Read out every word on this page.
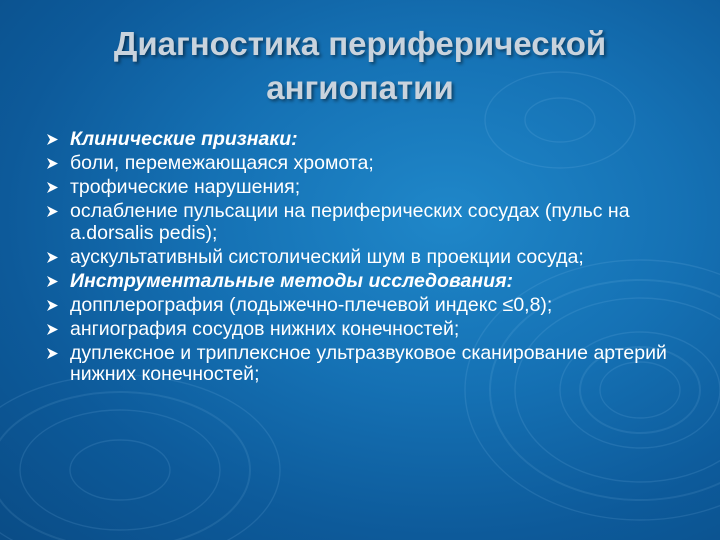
Диагностика периферической
ангиопатии
Клинические признаки:
боли, перемежающаяся хромота;
трофические нарушения;
ослабление пульсации на периферических сосудах (пульс на a.dorsalis pedis);
аускультативный систолический шум в проекции сосуда;
Инструментальные методы исследования:
допплерография (лодыжечно-плечевой индекс ≤0,8);
ангиография сосудов нижних конечностей;
дуплексное и триплексное ультразвуковое сканирование артерий нижних конечностей;
